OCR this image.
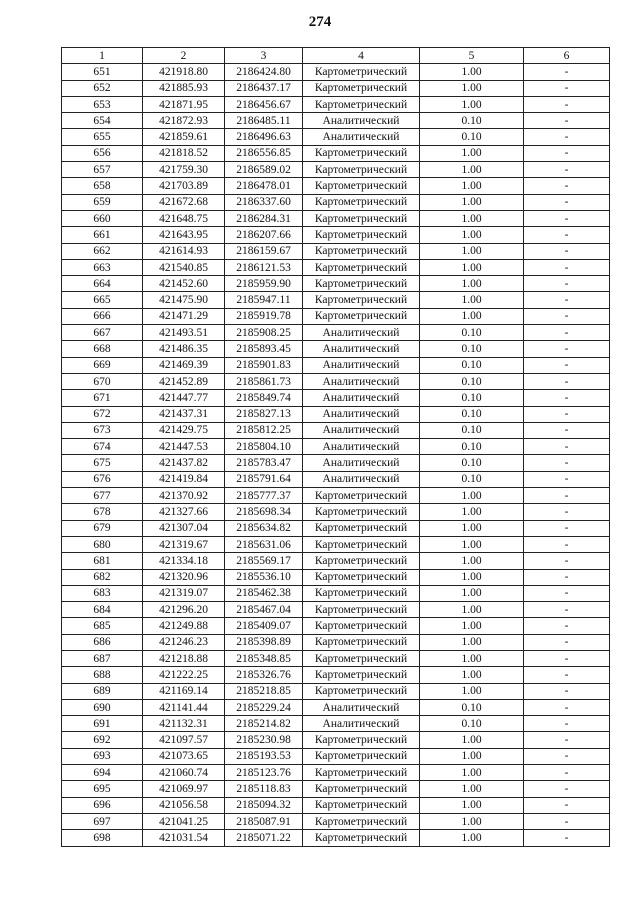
274
1	2	3	4	5	6
651	421918.80	2186424.80	Картометрический	1.00	-
652	421885.93	2186437.17	Картометрический	1.00	-
653	421871.95	2186456.67	Картометрический	1.00	-
654	421872.93	2186485.11	Аналитический	0.10	-
655	421859.61	2186496.63	Аналитический	0.10	-
656	421818.52	2186556.85	Картометрический	1.00	-
657	421759.30	2186589.02	Картометрический	1.00	-
658	421703.89	2186478.01	Картометрический	1.00	-
659	421672.68	2186337.60	Картометрический	1.00	-
660	421648.75	2186284.31	Картометрический	1.00	-
661	421643.95	2186207.66	Картометрический	1.00	-
662	421614.93	2186159.67	Картометрический	1.00	-
663	421540.85	2186121.53	Картометрический	1.00	-
664	421452.60	2185959.90	Картометрический	1.00	-
665	421475.90	2185947.11	Картометрический	1.00	-
666	421471.29	2185919.78	Картометрический	1.00	-
667	421493.51	2185908.25	Аналитический	0.10	-
668	421486.35	2185893.45	Аналитический	0.10	-
669	421469.39	2185901.83	Аналитический	0.10	-
670	421452.89	2185861.73	Аналитический	0.10	-
671	421447.77	2185849.74	Аналитический	0.10	-
672	421437.31	2185827.13	Аналитический	0.10	-
673	421429.75	2185812.25	Аналитический	0.10	-
674	421447.53	2185804.10	Аналитический	0.10	-
675	421437.82	2185783.47	Аналитический	0.10	-
676	421419.84	2185791.64	Аналитический	0.10	-
677	421370.92	2185777.37	Картометрический	1.00	-
678	421327.66	2185698.34	Картометрический	1.00	-
679	421307.04	2185634.82	Картометрический	1.00	-
680	421319.67	2185631.06	Картометрический	1.00	-
681	421334.18	2185569.17	Картометрический	1.00	-
682	421320.96	2185536.10	Картометрический	1.00	-
683	421319.07	2185462.38	Картометрический	1.00	-
684	421296.20	2185467.04	Картометрический	1.00	-
685	421249.88	2185409.07	Картометрический	1.00	-
686	421246.23	2185398.89	Картометрический	1.00	-
687	421218.88	2185348.85	Картометрический	1.00	-
688	421222.25	2185326.76	Картометрический	1.00	-
689	421169.14	2185218.85	Картометрический	1.00	-
690	421141.44	2185229.24	Аналитический	0.10	-
691	421132.31	2185214.82	Аналитический	0.10	-
692	421097.57	2185230.98	Картометрический	1.00	-
693	421073.65	2185193.53	Картометрический	1.00	-
694	421060.74	2185123.76	Картометрический	1.00	-
695	421069.97	2185118.83	Картометрический	1.00	-
696	421056.58	2185094.32	Картометрический	1.00	-
697	421041.25	2185087.91	Картометрический	1.00	-
698	421031.54	2185071.22	Картометрический	1.00	-
